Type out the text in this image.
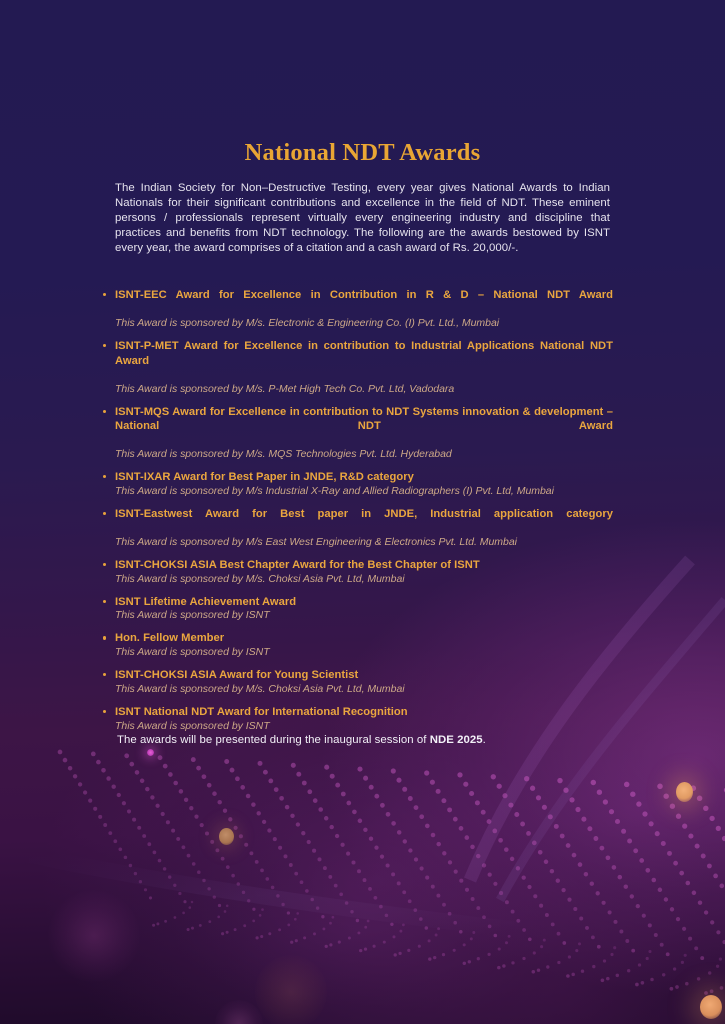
National NDT Awards
The Indian Society for Non–Destructive Testing, every year gives National Awards to Indian Nationals for their significant contributions and excellence in the field of NDT. These eminent persons / professionals represent virtually every engineering industry and discipline that practices and benefits from NDT technology. The following are the awards bestowed by ISNT every year, the award comprises of a citation and a cash award of Rs. 20,000/-.
ISNT-EEC Award for Excellence in Contribution in R & D – National NDT Award
This Award is sponsored by M/s. Electronic & Engineering Co. (I) Pvt. Ltd., Mumbai
ISNT-P-MET Award for Excellence in contribution to Industrial Applications National NDT Award
This Award is sponsored by M/s. P-Met High Tech Co. Pvt. Ltd, Vadodara
ISNT-MQS Award for Excellence in contribution to NDT Systems innovation & development – National NDT Award
This Award is sponsored by M/s. MQS Technologies Pvt. Ltd. Hyderabad
ISNT-IXAR Award for Best Paper in JNDE, R&D category
This Award is sponsored by M/s Industrial X-Ray and Allied Radiographers (I) Pvt. Ltd, Mumbai
ISNT-Eastwest Award for Best paper in JNDE, Industrial application category
This Award is sponsored by M/s East West Engineering & Electronics Pvt. Ltd. Mumbai
ISNT-CHOKSI ASIA Best Chapter Award for the Best Chapter of ISNT
This Award is sponsored by M/s. Choksi Asia Pvt. Ltd, Mumbai
ISNT Lifetime Achievement Award
This Award is sponsored by ISNT
Hon. Fellow Member
This Award is sponsored by ISNT
ISNT-CHOKSI ASIA Award for Young Scientist
This Award is sponsored by M/s. Choksi Asia Pvt. Ltd, Mumbai
ISNT National NDT Award for International Recognition
This Award is sponsored by ISNT
The awards will be presented during the inaugural session of NDE 2025.
